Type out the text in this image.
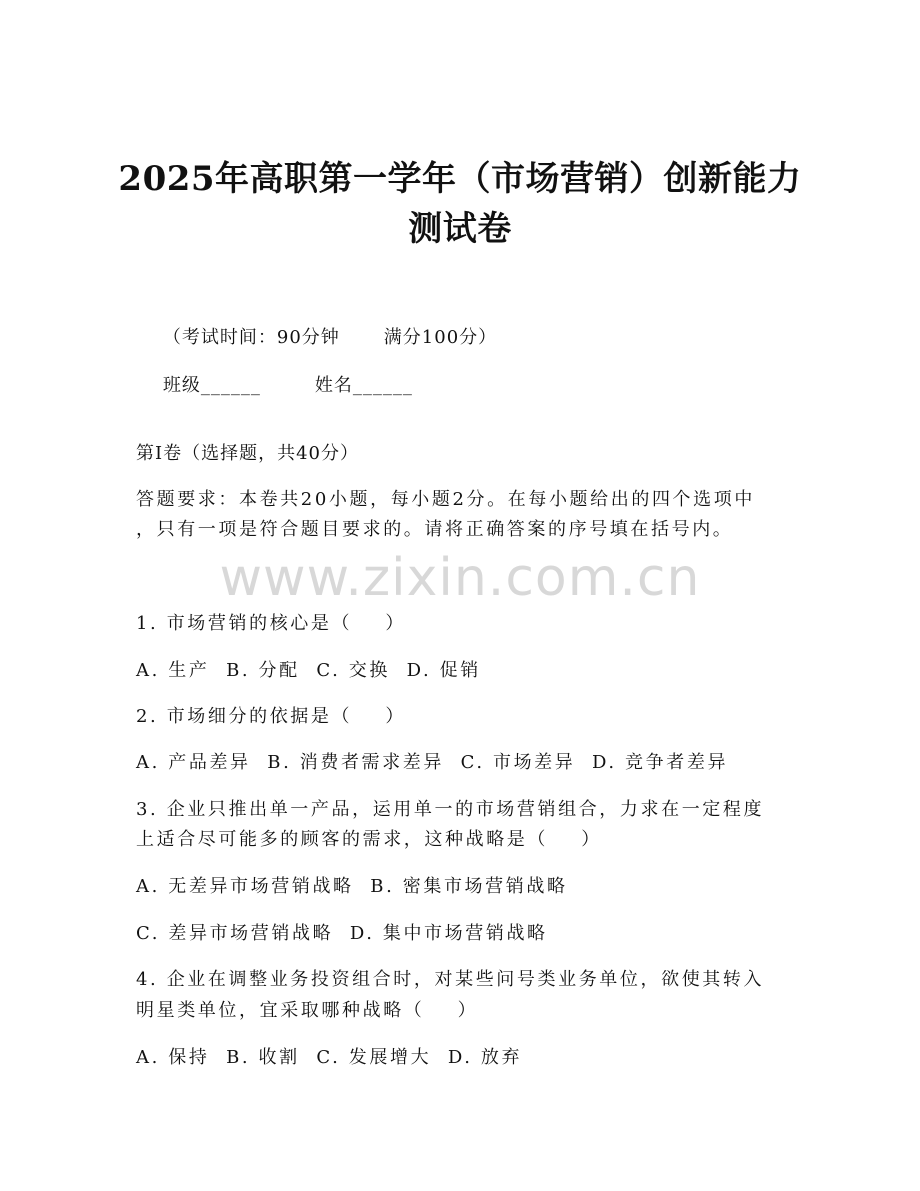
2025年高职第一学年（市场营销）创新能力
测试卷

（考试时间：90分钟 满分100分）

班级______	姓名______

第I卷（选择题，共40分）
答题要求：本卷共20小题，每小题2分。在每小题给出的四个选项中
，只有一项是符合题目要求的。请将正确答案的序号填在括号内。
www.zixin.com.cn
1. 市场营销的核心是（    ）
A. 生产  B. 分配  C. 交换  D. 促销
2. 市场细分的依据是（    ）
A. 产品差异  B. 消费者需求差异  C. 市场差异  D. 竞争者差异
3. 企业只推出单一产品，运用单一的市场营销组合，力求在一定程度
上适合尽可能多的顾客的需求，这种战略是（    ）
A. 无差异市场营销战略  B. 密集市场营销战略
C. 差异市场营销战略  D. 集中市场营销战略
4. 企业在调整业务投资组合时，对某些问号类业务单位，欲使其转入
明星类单位，宜采取哪种战略（    ）
A. 保持  B. 收割  C. 发展增大  D. 放弃
